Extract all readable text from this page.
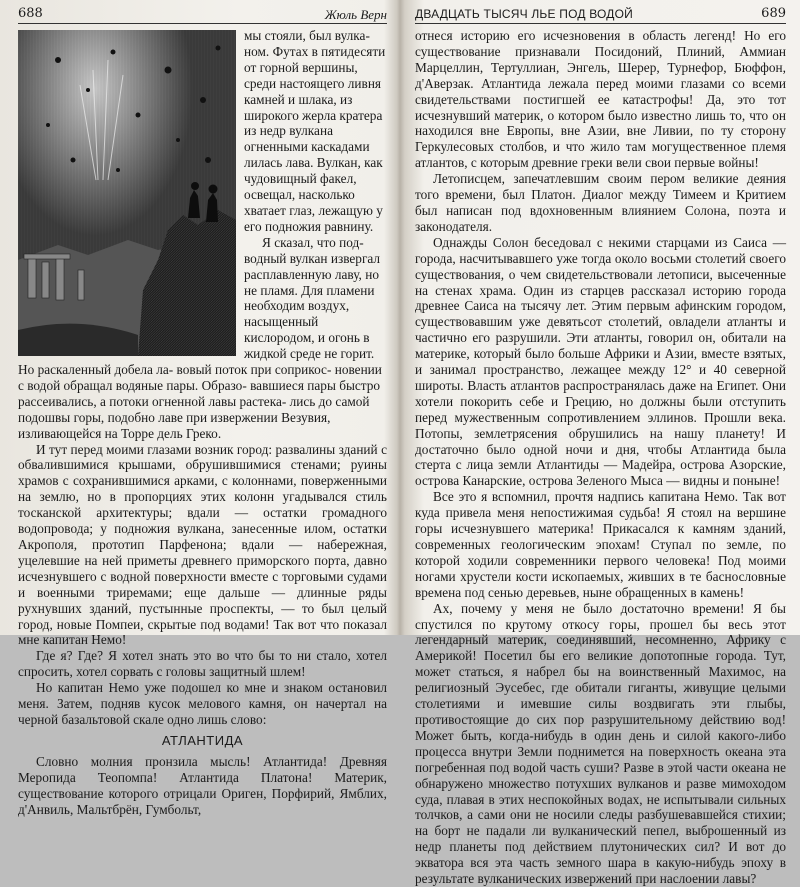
688	Жюль Верн

мы стояли, был вулка- ном. Футах в пятидесяти от горной вершины, среди настоящего ливня камней и шлака, из широкого жерла кратера из недр вулкана огненными каскадами лилась лава. Вулкан, как чудовищный факел, освещал, насколько хватает глаз, лежащую у его подножия равнину.

Я сказал, что под- водный вулкан извергал расплавленную лаву, но не пламя. Для пламени необходим воздух, насыщенный кислородом, и огонь в жидкой среде не горит. Но раскаленный добела ла- вовый поток при соприкос- новении с водой обращал водяные пары. Образо- вавшиеся пары быстро рассеивались, а потоки огненной лавы растека- лись до самой подошвы горы, подобно лаве при извержении Везувия, изливающейся на Торре дель Греко.

И тут перед моими глазами возник город: развалины зданий с обвалившимися крышами, обрушившимися стенами; руины храмов с сохранившимися арками, с колоннами, поверженными на землю, но в пропорциях этих колонн угадывался стиль тосканской архитектуры; вдали — остатки громадного водопровода; у подножия вулкана, занесенные илом, остатки Акрополя, прототип Парфенона; вдали — набережная, уцелевшие на ней приметы древнего приморского порта, давно исчезнувшего с водной поверхности вместе с торговыми судами и военными триремами; еще дальше — длинные ряды рухнувших зданий, пустынные проспекты, — то был целый город, новые Помпеи, скрытые под водами! Так вот что показал мне капитан Немо!

Где я? Где? Я хотел знать это во что бы то ни стало, хотел спросить, хотел сорвать с головы защитный шлем!

Но капитан Немо уже подошел ко мне и знаком остановил меня. Затем, подняв кусок мелового камня, он начертал на черной базальтовой скале одно лишь слово:

АТЛАНТИДА

Словно молния пронзила мысль! Атлантида! Древняя Меропида Теопомпа! Атлантида Платона! Материк, существование которого отрицали Ориген, Порфирий, Ямблих, д'Анвиль, Мальтбрён, Гумбольт,

ДВАДЦАТЬ ТЫСЯЧ ЛЬЕ ПОД ВОДОЙ	689

отнеся историю его исчезновения в область легенд! Но его существование признавали Посидоний, Плиний, Аммиан Марцеллин, Тертуллиан, Энгель, Шерер, Турнефор, Бюффон, д'Аверзак. Атлантида лежала перед моими глазами со всеми свидетельствами постигшей ее катастрофы! Да, это тот исчезнувший материк, о котором было известно лишь то, что он находился вне Европы, вне Азии, вне Ливии, по ту сторону Геркулесовых столбов, и что жило там могущественное племя атлантов, с которым древние греки вели свои первые войны!

Летописцем, запечатлевшим своим пером великие деяния того времени, был Платон. Диалог между Тимеем и Критием был написан под вдохновенным влиянием Солона, поэта и законодателя.

Однажды Солон беседовал с некими старцами из Саиса — города, насчитывавшего уже тогда около восьми столетий своего существования, о чем свидетельствовали летописи, высеченные на стенах храма. Один из старцев рассказал историю города древнее Саиса на тысячу лет. Этим первым афинским городом, существовавшим уже девятьсот столетий, овладели атланты и частично его разрушили. Эти атланты, говорил он, обитали на материке, который было больше Африки и Азии, вместе взятых, и занимал пространство, лежащее между 12° и 40 северной широты. Власть атлантов распространялась даже на Египет. Они хотели покорить себе и Грецию, но должны были отступить перед мужественным сопротивлением эллинов. Прошли века. Потопы, землетрясения обрушились на нашу планету! И достаточно было одной ночи и дня, чтобы Атлантида была стерта с лица земли Атлантиды — Мадейра, острова Азорские, острова Канарские, острова Зеленого Мыса — видны и поныне!

Все это я вспомнил, прочтя надпись капитана Немо. Так вот куда привела меня непостижимая судьба! Я стоял на вершине горы исчезнувшего материка! Прикасался к камням зданий, современных геологическим эпохам! Ступал по земле, по которой ходили современники первого человека! Под моими ногами хрустели кости ископаемых, живших в те баснословные времена под сенью деревьев, ныне обращенных в камень!

Ах, почему у меня не было достаточно времени! Я бы спустился по крутому откосу горы, прошел бы весь этот легендарный материк, соединявший, несомненно, Африку с Америкой! Посетил бы его великие допотопные города. Тут, может статься, я набрел бы на воинственный Махимос, на религиозный Эусебес, где обитали гиганты, живущие целыми столетиями и имевшие силы воздвигать эти глыбы, противостоящие до сих пор разрушительному действию вод! Может быть, когда-нибудь в один день и силой какого-либо процесса внутри Земли поднимется на поверхность океана эта погребенная под водой часть суши? Разве в этой части океана не обнаружено множество потухших вулканов и разве мимоходом суда, плавая в этих неспокойных водах, не испытывали сильных толчков, а сами они не носили следы разбушевавшейся стихии; на борт не падали ли вулканический пепел, выброшенный из недр планеты под действием плутонических сил? И вот до экватора вся эта часть земного шара в какую-нибудь эпоху в результате вулканических извержений при наслоении лавы?
